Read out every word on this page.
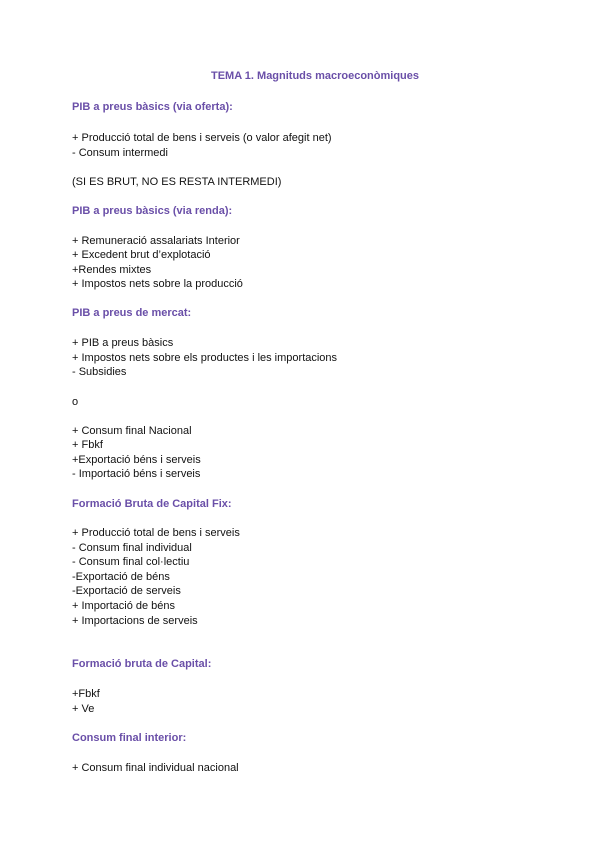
TEMA 1. Magnituds macroeconòmiques
PIB a preus bàsics (via oferta):
+ Producció total de bens i serveis (o valor afegit net)
- Consum intermedi
(SI ES BRUT, NO ES RESTA INTERMEDI)
PIB a preus bàsics (via renda):
+ Remuneració assalariats Interior
+ Excedent brut d’explotació
+Rendes mixtes
+ Impostos nets sobre la producció
PIB a preus de mercat:
+ PIB a preus bàsics
+ Impostos nets sobre els productes i les importacions
- Subsidies
o
+ Consum final Nacional
+ Fbkf
+Exportació béns i serveis
- Importació béns i serveis
Formació Bruta de Capital Fix:
+ Producció total de bens i serveis
- Consum final individual
- Consum final col·lectiu
-Exportació de béns
-Exportació de serveis
+ Importació de béns
+ Importacions de serveis
Formació bruta de Capital:
+Fbkf
+ Ve
Consum final interior:
+ Consum final individual nacional
